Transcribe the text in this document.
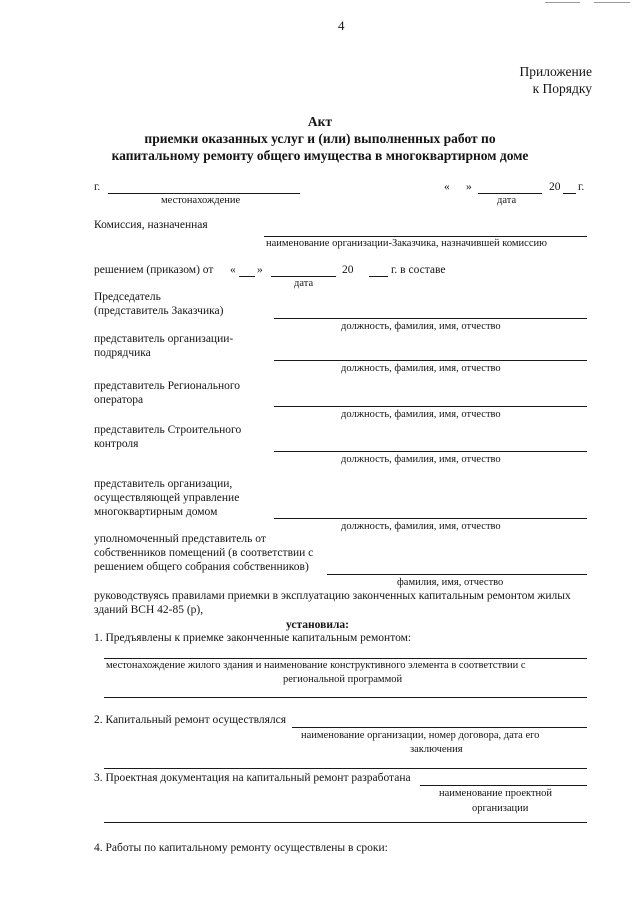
4
Приложение
к Порядку
Акт
приемки оказанных услуг и (или) выполненных работ по
капитальному ремонту общего имущества в многоквартирном доме
г.
местонахождение
« »	20 г.
дата
Комиссия, назначенная
наименование организации-Заказчика, назначившей комиссию
решением (приказом) от « »	20	г. в составе
дата
Председатель
(представитель Заказчика)
должность, фамилия, имя, отчество
представитель организации-
подрядчика
должность, фамилия, имя, отчество
представитель Регионального
оператора
должность, фамилия, имя, отчество
представитель Строительного
контроля
должность, фамилия, имя, отчество
представитель организации,
осуществляющей управление
многоквартирным домом
должность, фамилия, имя, отчество
уполномоченный представитель от
собственников помещений (в соответствии с
решением общего собрания собственников)
фамилия, имя, отчество
руководствуясь правилами приемки в эксплуатацию законченных капитальным ремонтом жилых
зданий ВСН 42-85 (р),
установила:
1. Предъявлены к приемке законченные капитальным ремонтом:
местонахождение жилого здания и наименование конструктивного элемента в соответствии с
региональной программой
2. Капитальный ремонт осуществлялся
наименование организации, номер договора, дата его
заключения
3. Проектная документация на капитальный ремонт разработана
наименование проектной
организации
4. Работы по капитальному ремонту осуществлены в сроки:
